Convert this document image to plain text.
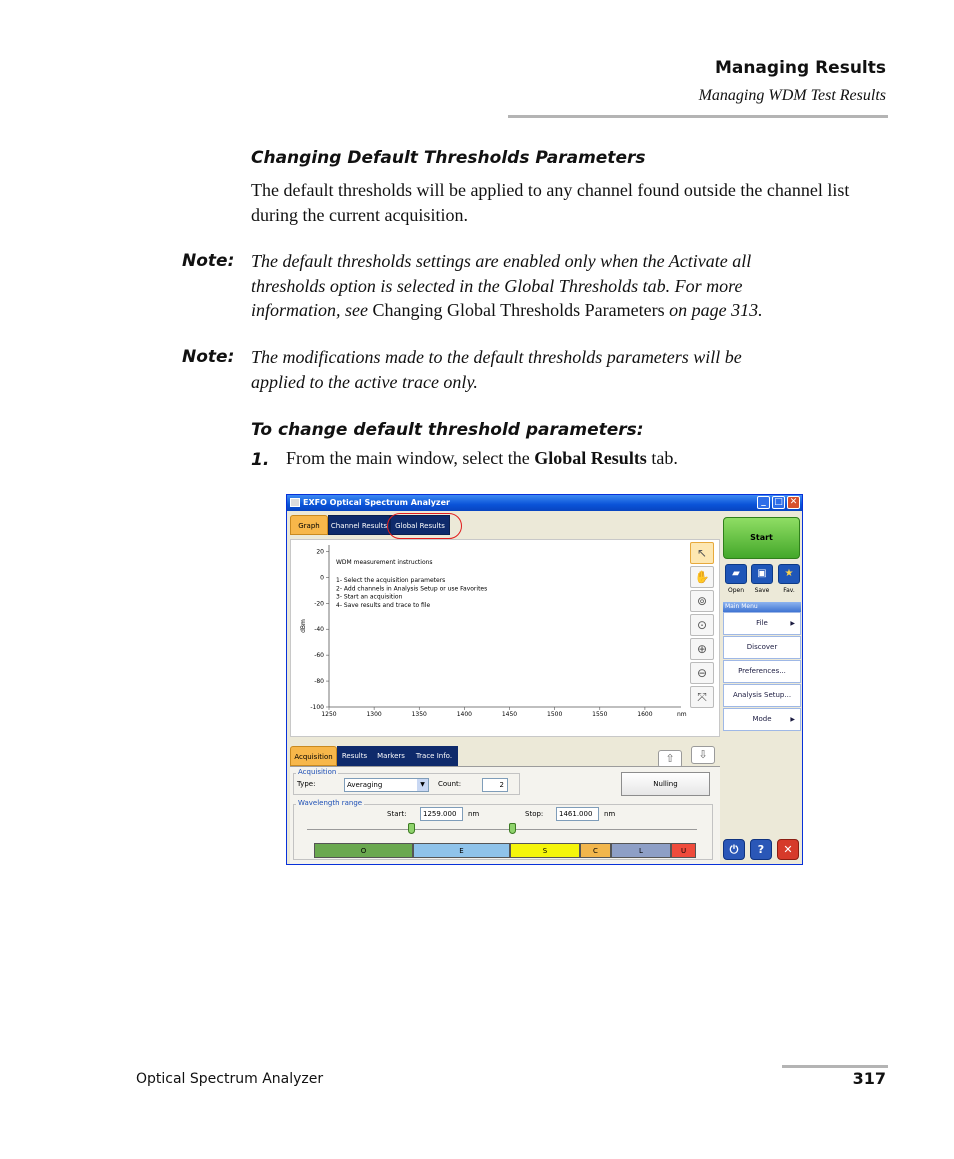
Managing Results
Managing WDM Test Results
Changing Default Thresholds Parameters
The default thresholds will be applied to any channel found outside the channel list during the current acquisition.
Note: The default thresholds settings are enabled only when the Activate all
thresholds option is selected in the Global Thresholds tab. For more
information, see Changing Global Thresholds Parameters on page 313.
Note: The modifications made to the default thresholds parameters will be
applied to the active trace only.
To change default threshold parameters:
1. From the main window, select the Global Results tab.
EXFO Optical Spectrum Analyzer	_ □ ✕
Graph	Channel Results	Global Results
20
0
-20
-40
-60
-80
-100
1250	1300	1350	1400	1450	1500	1550	1600	nm
dBm
WDM measurement instructions
1- Select the acquisition parameters
2- Add channels in Analysis Setup or use Favorites
3- Start an acquisition
4- Save results and trace to file
↖
✋
⊚
⊙
⊕
⊖
⤧
Start
▰	▣	★
Open	Save	Fav.
Main Menu
File	▶
Discover
Preferences...
Analysis Setup...
Mode	▶
⏻	?	✕
Acquisition	Results	Markers	Trace Info.	⇧	⇩
Acquisition
Type:	Averaging	▼	Count:	2	Nulling
Wavelength range
Start:	1259.000	nm	Stop:	1461.000	nm
O	E	S	C	L	U
Optical Spectrum Analyzer	317
